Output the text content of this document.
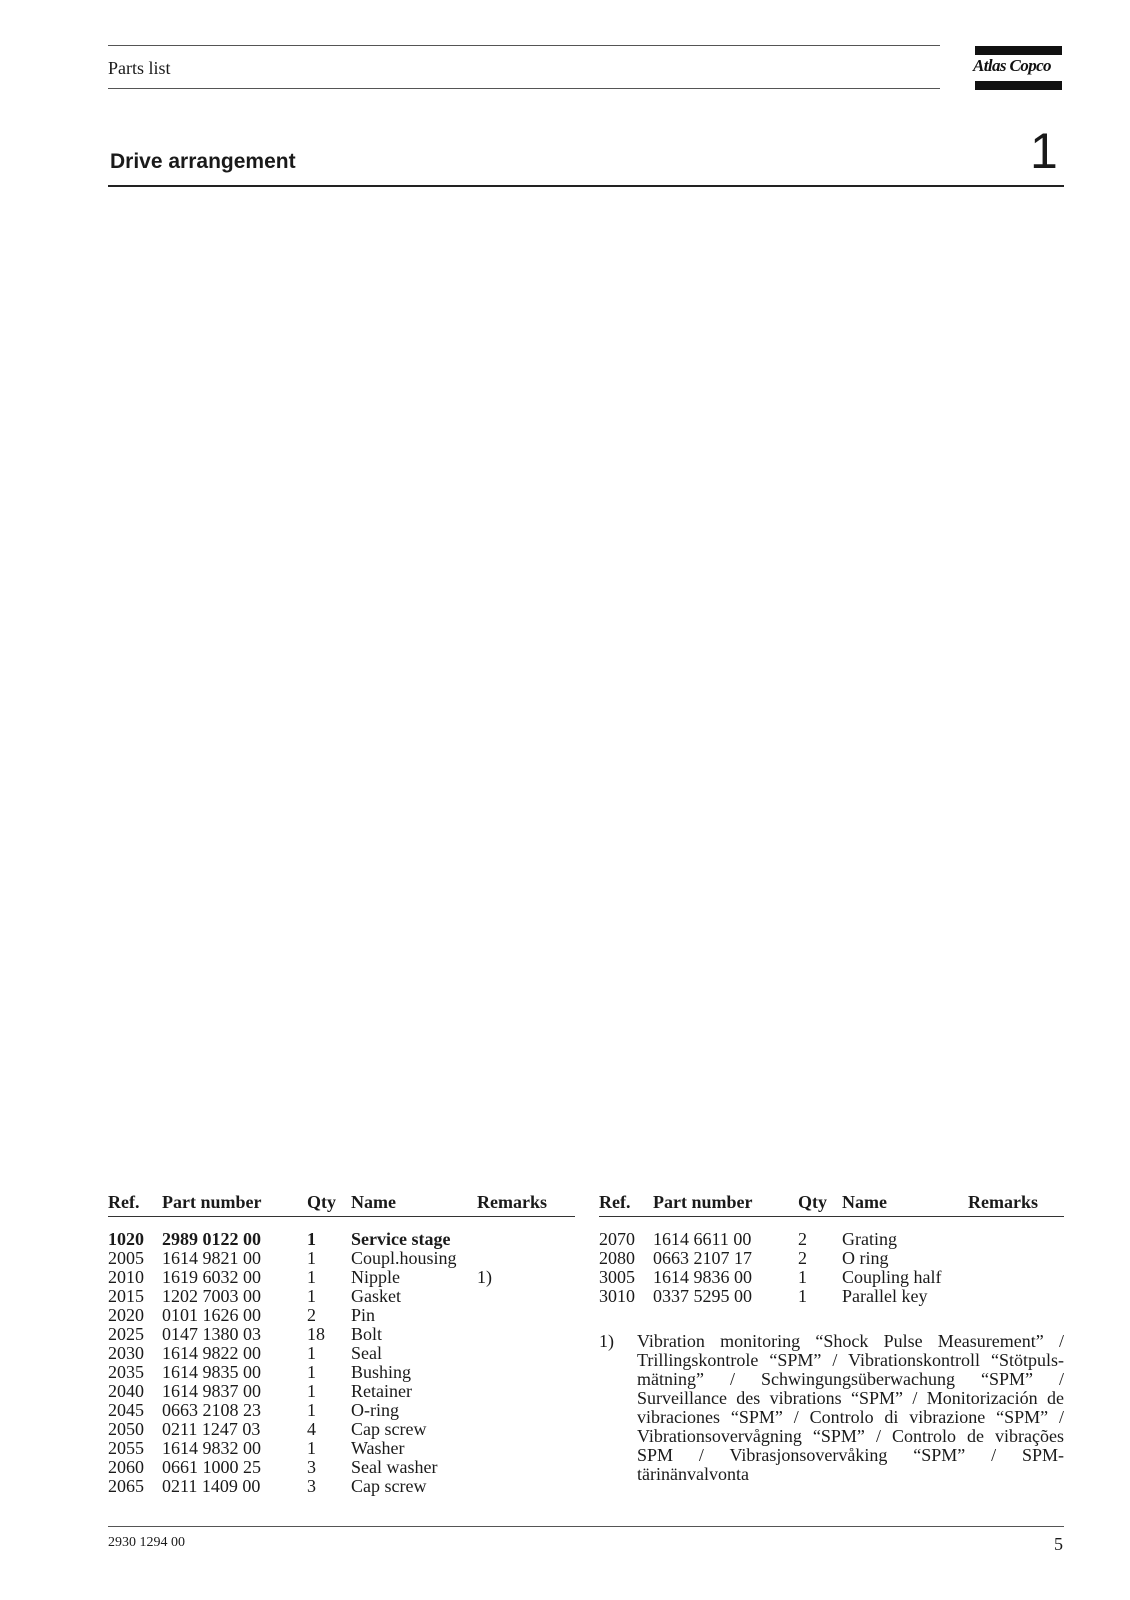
Parts list	Atlas Copco
Drive arrangement	1
Ref.	Part number	Qty	Name	Remarks

1020	2989 0122 00	1	Service stage	
2005	1614 9821 00	1	Coupl.housing	
2010	1619 6032 00	1	Nipple	1)
2015	1202 7003 00	1	Gasket	
2020	0101 1626 00	2	Pin	
2025	0147 1380 03	18	Bolt	
2030	1614 9822 00	1	Seal	
2035	1614 9835 00	1	Bushing	
2040	1614 9837 00	1	Retainer	
2045	0663 2108 23	1	O-ring	
2050	0211 1247 03	4	Cap screw	
2055	1614 9832 00	1	Washer	
2060	0661 1000 25	3	Seal washer	
2065	0211 1409 00	3	Cap screw	
Ref.	Part number	Qty	Name	Remarks

2070	1614 6611 00	2	Grating	
2080	0663 2107 17	2	O ring	
3005	1614 9836 00	1	Coupling half	
3010	0337 5295 00	1	Parallel key	
1) Vibration monitoring “Shock Pulse Measurement” / Trillingskontrole “SPM” / Vibrationskontroll “Stötpuls-mätning” / Schwingungsüberwachung “SPM” / Surveillance des vibrations “SPM” / Monitorización de vibraciones “SPM” / Controlo di vibrazione “SPM” / Vibrationsovervågning “SPM” / Controlo de vibrações SPM / Vibrasjonsovervåking “SPM” / SPM-tärinänvalvonta
2930 1294 00	5
